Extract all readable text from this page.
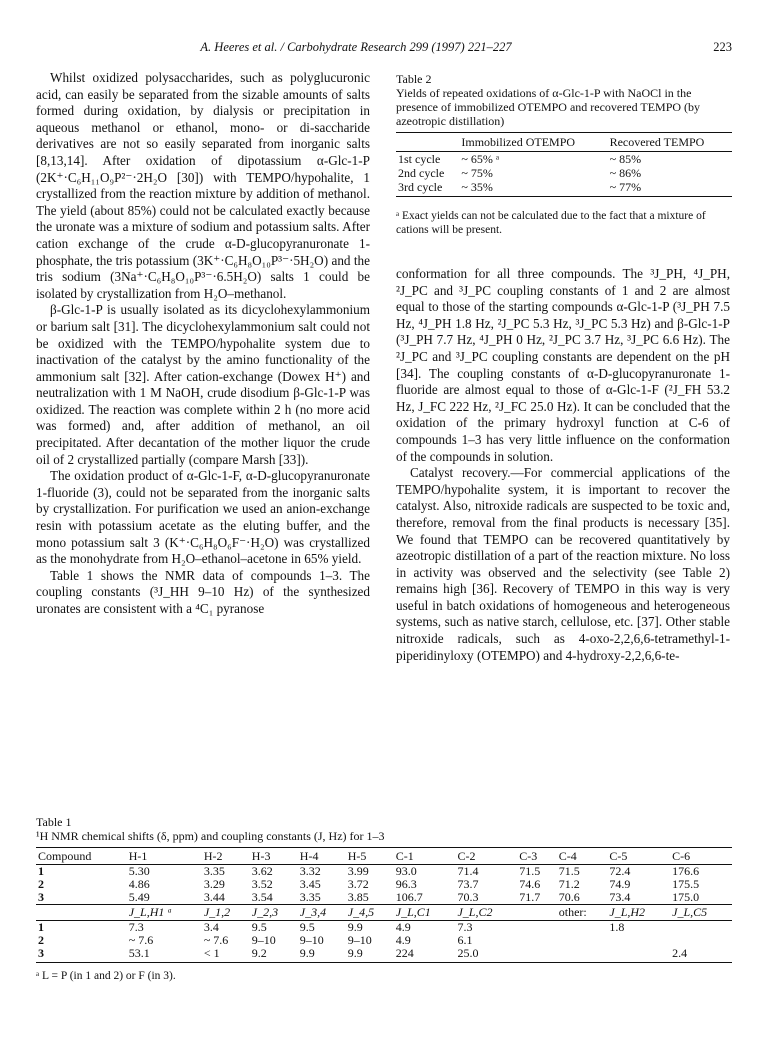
A. Heeres et al. / Carbohydrate Research 299 (1997) 221–227	223

Whilst oxidized polysaccharides, such as polyglucuronic acid, can easily be separated from the sizable amounts of salts formed during oxidation, by dialysis or precipitation in aqueous methanol or ethanol, mono- or di-saccharide derivatives are not so easily separated from inorganic salts [8,13,14]. After oxidation of dipotassium α-Glc-1-P (2K⁺·C₆H₁₁O₉P²⁻·2H₂O [30]) with TEMPO/hypohalite, 1 crystallized from the reaction mixture by addition of methanol. The yield (about 85%) could not be calculated exactly because the uronate was a mixture of sodium and potassium salts. After cation exchange of the crude α-D-glucopyranuronate 1-phosphate, the tris potassium (3K⁺·C₆H₈O₁₀P³⁻·5H₂O) and the tris sodium (3Na⁺·C₆H₈O₁₀P³⁻·6.5H₂O) salts 1 could be isolated by crystallization from H₂O–methanol.

β-Glc-1-P is usually isolated as its dicyclohexylammonium or barium salt [31]. The dicyclohexylammonium salt could not be oxidized with the TEMPO/hypohalite system due to inactivation of the catalyst by the amino functionality of the ammonium salt [32]. After cation-exchange (Dowex H⁺) and neutralization with 1 M NaOH, crude disodium β-Glc-1-P was oxidized. The reaction was complete within 2 h (no more acid was formed) and, after addition of methanol, an oil precipitated. After decantation of the mother liquor the crude oil of 2 crystallized partially (compare Marsh [33]).

The oxidation product of α-Glc-1-F, α-D-glucopyranuronate 1-fluoride (3), could not be separated from the inorganic salts by crystallization. For purification we used an anion-exchange resin with potassium acetate as the eluting buffer, and the mono potassium salt 3 (K⁺·C₆H₈O₆F⁻·H₂O) was crystallized as the monohydrate from H₂O–ethanol–acetone in 65% yield.

Table 1 shows the NMR data of compounds 1–3. The coupling constants (³J_HH 9–10 Hz) of the synthesized uronates are consistent with a ⁴C₁ pyranose

Table 2
Yields of repeated oxidations of α-Glc-1-P with NaOCl in the presence of immobilized OTEMPO and recovered TEMPO (by azeotropic distillation)
	Immobilized OTEMPO	Recovered TEMPO
1st cycle	~ 65% ᵃ	~ 85%
2nd cycle	~ 75%	~ 86%
3rd cycle	~ 35%	~ 77%
ᵃ Exact yields can not be calculated due to the fact that a mixture of cations will be present.

conformation for all three compounds. The ³J_PH, ⁴J_PH, ²J_PC and ³J_PC coupling constants of 1 and 2 are almost equal to those of the starting compounds α-Glc-1-P (³J_PH 7.5 Hz, ⁴J_PH 1.8 Hz, ²J_PC 5.3 Hz, ³J_PC 5.3 Hz) and β-Glc-1-P (³J_PH 7.7 Hz, ⁴J_PH 0 Hz, ²J_PC 3.7 Hz, ³J_PC 6.6 Hz). The ²J_PC and ³J_PC coupling constants are dependent on the pH [34]. The coupling constants of α-D-glucopyranuronate 1-fluoride are almost equal to those of α-Glc-1-F (²J_FH 53.2 Hz, J_FC 222 Hz, ²J_FC 25.0 Hz). It can be concluded that the oxidation of the primary hydroxyl function at C-6 of compounds 1–3 has very little influence on the conformation of the compounds in solution.

Catalyst recovery.—For commercial applications of the TEMPO/hypohalite system, it is important to recover the catalyst. Also, nitroxide radicals are suspected to be toxic and, therefore, removal from the final products is necessary [35]. We found that TEMPO can be recovered quantitatively by azeotropic distillation of a part of the reaction mixture. No loss in activity was observed and the selectivity (see Table 2) remains high [36]. Recovery of TEMPO in this way is very useful in batch oxidations of homogeneous and heterogeneous systems, such as native starch, cellulose, etc. [37]. Other stable nitroxide radicals, such as 4-oxo-2,2,6,6-tetramethyl-1-piperidinyloxy (OTEMPO) and 4-hydroxy-2,2,6,6-te-

Table 1
¹H NMR chemical shifts (δ, ppm) and coupling constants (J, Hz) for 1–3
Compound	H-1	H-2	H-3	H-4	H-5	C-1	C-2	C-3	C-4	C-5	C-6
1	5.30	3.35	3.62	3.32	3.99	93.0	71.4	71.5	71.5	72.4	176.6
2	4.86	3.29	3.52	3.45	3.72	96.3	73.7	74.6	71.2	74.9	175.5
3	5.49	3.44	3.54	3.35	3.85	106.7	70.3	71.7	70.6	73.4	175.0
	J_L,H1 ᵃ	J_1,2	J_2,3	J_3,4	J_4,5	J_L,C1	J_L,C2		other:	J_L,H2	J_L,C5
1	7.3	3.4	9.5	9.5	9.9	4.9	7.3			1.8	
2	~ 7.6	~ 7.6	9–10	9–10	9–10	4.9	6.1				
3	53.1	< 1	9.2	9.9	9.9	224	25.0				2.4
ᵃ L = P (in 1 and 2) or F (in 3).
